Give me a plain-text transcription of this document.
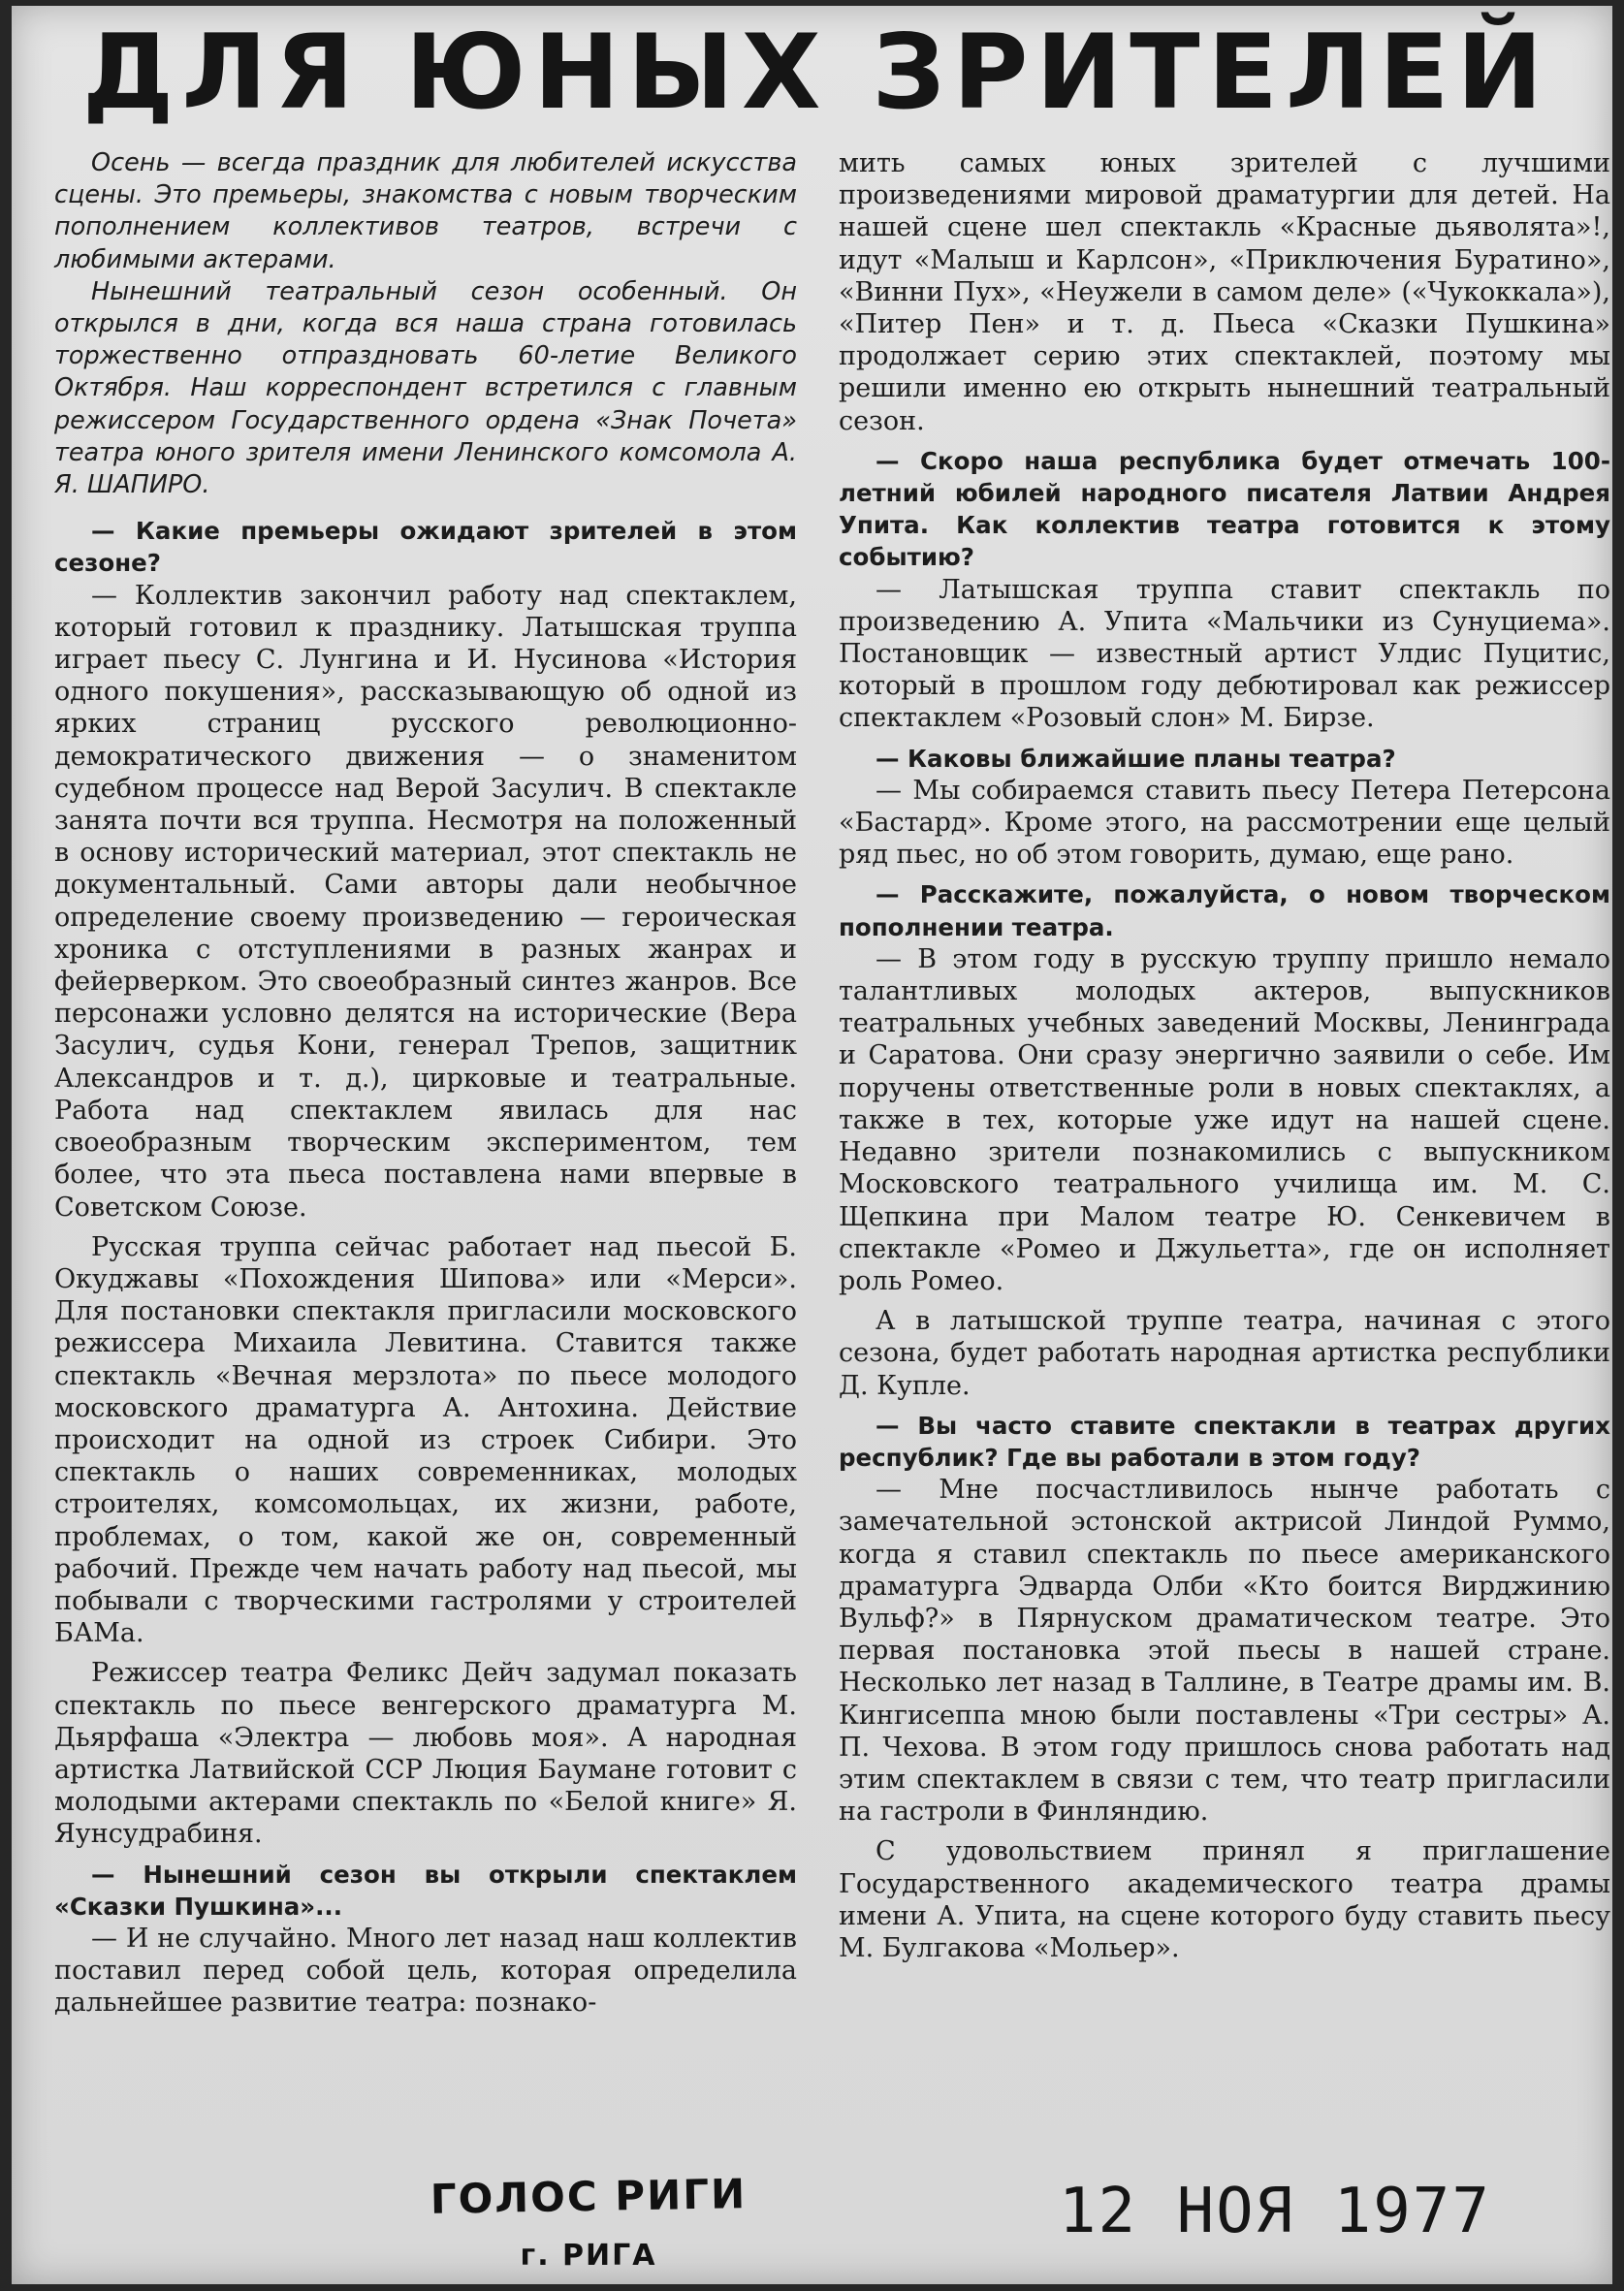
ДЛЯ ЮНЫХ ЗРИТЕЛЕЙ

Осень — всегда праздник для любителей искусства сцены. Это премьеры, знакомства с новым творческим пополнением коллективов театров, встречи с любимыми актерами.

Нынешний театральный сезон особенный. Он открылся в дни, когда вся наша страна готовилась торжественно отпраздновать 60-летие Великого Октября. Наш корреспондент встретился с главным режиссером Государственного ордена «Знак Почета» театра юного зрителя имени Ленинского комсомола А. Я. ШАПИРО.

— Какие премьеры ожидают зрителей в этом сезоне?

— Коллектив закончил работу над спектаклем, который готовил к празднику. Латышская труппа играет пьесу С. Лунгина и И. Нусинова «История одного покушения», рассказывающую об одной из ярких страниц русского революционно-демократического движения — о знаменитом судебном процессе над Верой Засулич. В спектакле занята почти вся труппа. Несмотря на положенный в основу исторический материал, этот спектакль не документальный. Сами авторы дали необычное определение своему произведению — героическая хроника с отступлениями в разных жанрах и фейерверком. Это своеобразный синтез жанров. Все персонажи условно делятся на исторические (Вера Засулич, судья Кони, генерал Трепов, защитник Александров и т. д.), цирковые и театральные. Работа над спектаклем явилась для нас своеобразным творческим экспериментом, тем более, что эта пьеса поставлена нами впервые в Советском Союзе.

Русская труппа сейчас работает над пьесой Б. Окуджавы «Похождения Шипова» или «Мерси». Для постановки спектакля пригласили московского режиссера Михаила Левитина. Ставится также спектакль «Вечная мерзлота» по пьесе молодого московского драматурга А. Антохина. Действие происходит на одной из строек Сибири. Это спектакль о наших современниках, молодых строителях, комсомольцах, их жизни, работе, проблемах, о том, какой же он, современный рабочий. Прежде чем начать работу над пьесой, мы побывали с творческими гастролями у строителей БАМа.

Режиссер театра Феликс Дейч задумал показать спектакль по пьесе венгерского драматурга М. Дьярфаша «Электра — любовь моя». А народная артистка Латвийской ССР Люция Баумане готовит с молодыми актерами спектакль по «Белой книге» Я. Яунсудрабиня.

— Нынешний сезон вы открыли спектаклем «Сказки Пушкина»...

— И не случайно. Много лет назад наш коллектив поставил перед собой цель, которая определила дальнейшее развитие театра: познако-

мить самых юных зрителей с лучшими произведениями мировой драматургии для детей. На нашей сцене шел спектакль «Красные дьяволята»!, идут «Малыш и Карлсон», «Приключения Буратино», «Винни Пух», «Неужели в самом деле» («Чукоккала»), «Питер Пен» и т. д. Пьеса «Сказки Пушкина» продолжает серию этих спектаклей, поэтому мы решили именно ею открыть нынешний театральный сезон.

— Скоро наша республика будет отмечать 100-летний юбилей народного писателя Латвии Андрея Упита. Как коллектив театра готовится к этому событию?

— Латышская труппа ставит спектакль по произведению А. Упита «Мальчики из Сунуциема». Постановщик — известный артист Улдис Пуцитис, который в прошлом году дебютировал как режиссер спектаклем «Розовый слон» М. Бирзе.

— Каковы ближайшие планы театра?

— Мы собираемся ставить пьесу Петера Петерсона «Бастард». Кроме этого, на рассмотрении еще целый ряд пьес, но об этом говорить, думаю, еще рано.

— Расскажите, пожалуйста, о новом творческом пополнении театра.

— В этом году в русскую труппу пришло немало талантливых молодых актеров, выпускников театральных учебных заведений Москвы, Ленинграда и Саратова. Они сразу энергично заявили о себе. Им поручены ответственные роли в новых спектаклях, а также в тех, которые уже идут на нашей сцене. Недавно зрители познакомились с выпускником Московского театрального училища им. М. С. Щепкина при Малом театре Ю. Сенкевичем в спектакле «Ромео и Джульетта», где он исполняет роль Ромео.

А в латышской труппе театра, начиная с этого сезона, будет работать народная артистка республики Д. Купле.

— Вы часто ставите спектакли в театрах других республик? Где вы работали в этом году?

— Мне посчастливилось нынче работать с замечательной эстонской актрисой Линдой Руммо, когда я ставил спектакль по пьесе американского драматурга Эдварда Олби «Кто боится Вирджинию Вульф?» в Пярнуском драматическом театре. Это первая постановка этой пьесы в нашей стране. Несколько лет назад в Таллине, в Театре драмы им. В. Кингисеппа мною были поставлены «Три сестры» А. П. Чехова. В этом году пришлось снова работать над этим спектаклем в связи с тем, что театр пригласили на гастроли в Финляндию.

С удовольствием принял я приглашение Государственного академического театра драмы имени А. Упита, на сцене которого буду ставить пьесу М. Булгакова «Мольер».

ГОЛОС РИГИ
г. РИГА
12 НОЯ 1977
